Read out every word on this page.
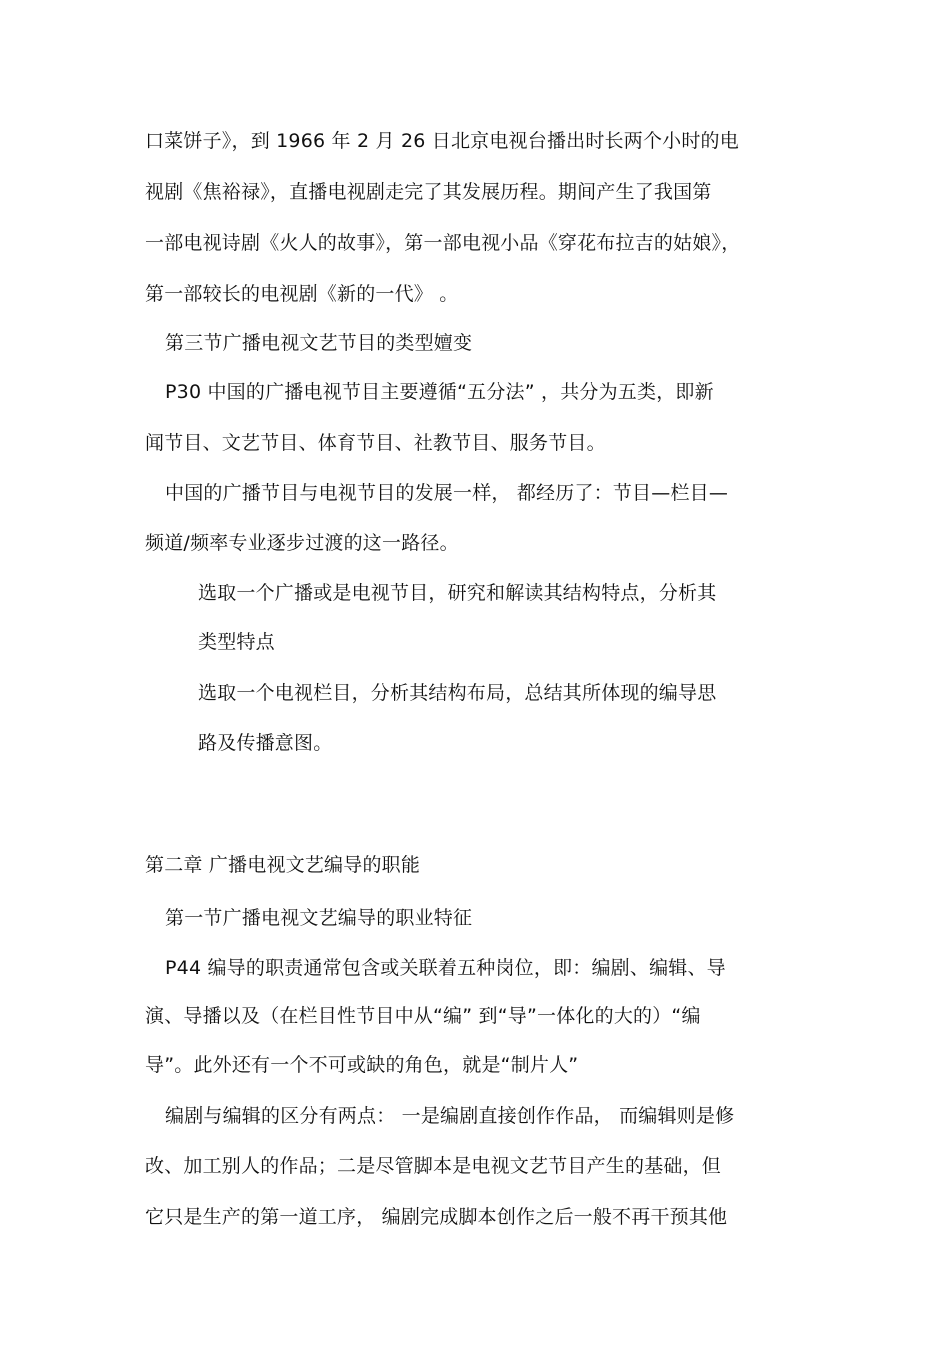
口菜饼子》，到 1966 年 2 月 26 日北京电视台播出时长两个小时的电
视剧《焦裕禄》，直播电视剧走完了其发展历程。期间产生了我国第
一部电视诗剧《火人的故事》，第一部电视小品《穿花布拉吉的姑娘》，
第一部较长的电视剧《新的一代》 。
第三节广播电视文艺节目的类型嬗变
P30 中国的广播电视节目主要遵循“五分法” ，共分为五类，即新
闻节目、文艺节目、体育节目、社教节目、服务节目。
中国的广播节目与电视节目的发展一样， 都经历了：节目—栏目—
频道/频率专业逐步过渡的这一路径。
选取一个广播或是电视节目，研究和解读其结构特点，分析其
类型特点
选取一个电视栏目，分析其结构布局，总结其所体现的编导思
路及传播意图。
第二章 广播电视文艺编导的职能
第一节广播电视文艺编导的职业特征
P44 编导的职责通常包含或关联着五种岗位，即：编剧、编辑、导
演、导播以及（在栏目性节目中从“编” 到“导”一体化的大的）“编
导”。此外还有一个不可或缺的角色，就是“制片人”
编剧与编辑的区分有两点： 一是编剧直接创作作品， 而编辑则是修
改、加工别人的作品；二是尽管脚本是电视文艺节目产生的基础，但
它只是生产的第一道工序， 编剧完成脚本创作之后一般不再干预其他
